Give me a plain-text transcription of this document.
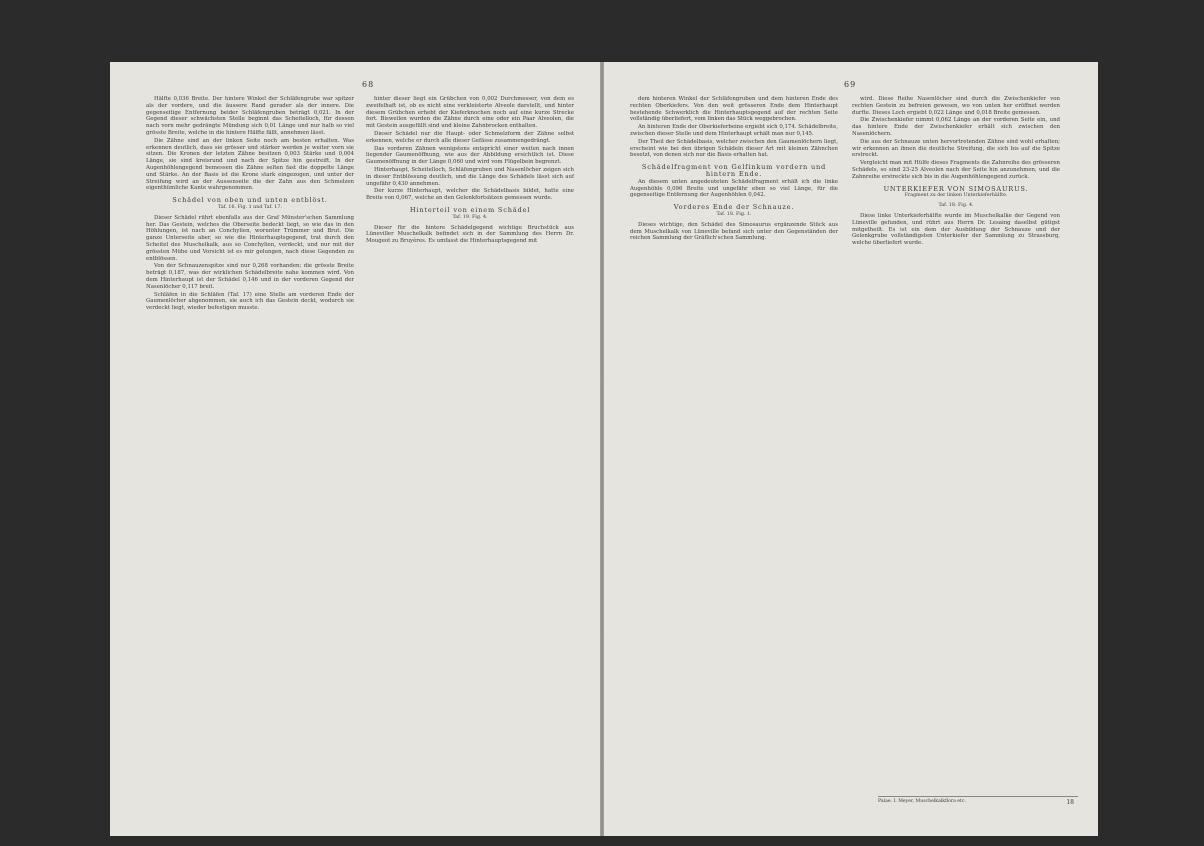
68

Hälfte 0,036 Breite. Der hintere Winkel der Schläfengrube war spitzer als der vordere, und die äussere Rand gerader als der innere. Die gegenseitige Entfernung beider Schläfengruben beträgt 0,021. In der Gegend dieser schwächsten Stelle beginnt das Scheitelloch, für dessen nach vorn mehr gedrängte Mündung sich 0,01 Länge und nur halb so viel grösste Breite, welche in die hintere Hälfte fällt, annehmen lässt.

Die Zähne sind an der linken Seite noch am besten erhalten. Was erkennen deutlich, dass sie grösser und stärker werden je weiter vorn sie sitzen. Die Kronen der letzten Zähne besitzen 0,003 Stärke und 0,004 Länge, sie sind kreisrund und nach der Spitze hin gestreift. In der Augenhöhlengegend bemessen die Zähne selten fast die doppelte Länge und Stärke. An der Basis ist die Krone stark eingezogen, und unter der Streifung wird an der Aussenseite die der Zahn aus den Schmelzen eigenthümliche Kante wahrgenommen.

Schädel von oben und unten entblöst.
Taf. 16. Fig. 1 und Taf. 17.

Dieser Schädel rührt ebenfalls aus der Graf Münster'schen Sammlung her. Das Gestein, welches die Oberseite bedeckt liegt, so wie das in den Höhlungen, ist nach an Conchylien, worunter Trümmer und Brut. Die ganze Unterseite aber, so wie die Hinterhauptsgegend, trat durch den Scheitel des Muschelkalk, aus so Conchylien, verdeckt, und nur mit der grössten Mühe und Vorsicht ist es mir gelungen, nach diese Gegenden zu entblössen.

Von der Schnauzenspitze sind nur 0,268 vorhanden; die grösste Breite beträgt 0,187, was der wirklichen Schädelbreite nahe kommen wird. Von dem Hinterhaupt ist der Schädel 0,146 und in der vorderen Gegend der Nasenlöcher 0,117 breit.

Schläfen in die Schläfen (Taf. 17) eine Stelle am vorderen Ende der Gaumenlöcher abgenommen, sie auch ich das Gestein deckt, wodurch sie verdeckt liegt, wieder befestigen musste.

hinter dieser liegt ein Grübchen von 0,002 Durchmesser, von dem es zweifelhaft ist, ob es nicht eine verkleisterte Alveole darstellt, und hinter diesem Grübchen erhebt der Kieferknochen noch auf eine kurze Strecke fort. Bisweilen wurden die Zähne durch eine oder ein Paar Alveolen, die mit Gestein ausgefüllt sind und kleine Zahnbrocken enthalten.

Dieser Schädel nur die Haupt- oder Schmelzform der Zähne selbst erkennen, welche er durch alle dieser Gefässe zusammengedrängt.

Das vorderen Zähnen wenigstens entspricht einer weiten nach innen liegender Gaumenöffnung, wie aus der Abbildung ersichtlich ist. Diese Gaumenöffnung in der Länge 0,060 und wird vom Flügelbein begrenzt.

Hinterhaupt, Scheitelloch, Schläfengruben und Nasenlöcher zeigen sich in dieser Entblössung deutlich, und die Länge des Schädels lässt sich auf ungefähr 0,430 annehmen.

Der kurze Hinterhaupt, welcher die Schädelbasis bildet, hatte eine Breite von 0,067, welche an den Gelenkfortsätzen gemessen wurde.

Hinterteil von einem Schädel
Taf. 19. Fig. 4.

Dieser für die hintere Schädelgegend wichtige Bruchstück aus Lüneviller Muschelkalk befindet sich in der Sammlung des Herrn Dr. Mougeot zu Bruyères. Es umfasst die Hinterhauptsgegend mit

69

dem hinteren Winkel der Schläfengruben und dem hinteren Ende des rechten Oberkiefers. Von den weit grösseren Ende dem Hinterhaupt bestehende Schwerklich die Hinterhauptsgegend auf der rechten Seite vollständig überliefert, vom linken das Stück weggebrochen.

An hinteren Ende der Oberkieferbeine ergiebt sich 0,174. Schädelbreite, zwischen dieser Stelle und dem Hinterhaupt erhält man nur 0,145.

Der Theil der Schädelbasis, welcher zwischen den Gaumenlöchern liegt, erscheint wie bei den übrigen Schädeln dieser Art mit kleinen Zähnchen besetzt, von denen sich nur die Basis erhalten hat.

Schädelfragment von Gelfinkum vordern und hintern Ende.

An diesem unten angedeuteten Schädelfragment erhält ich die linke Augenhöhle 0,096 Breite und ungefähr eben so viel Länge, für die gegenseitige Entfernung der Augenhöhlen 0,042.

Vorderes Ende der Schnauze.
Taf. 18. Fig. 1.

Dieses wichtige, den Schädel des Simosaurus ergänzende Stück aus dem Muschelkalk von Lüneville befand sich unter den Gegenständen der reichen Sammlung der Gräflich'schen Sammlung.

wird. Diese Reihe Nasenlöcher sind durch die Zwischenkiefer von rechten Gestein zu befreien gewesen, wo von unten her eröffnet werden durfte. Dieses Loch ergiebt 0,022 Länge und 0,018 Breite gemessen.

Die Zwischenkiefer nimmt 0,062 Länge an der vorderen Seite ein, und das hintere Ende der Zwischenkiefer erhält sich zwischen den Nasenlöchern.

Die aus der Schnauze unten hervortretenden Zähne sind wohl erhalten; wir erkennen an ihnen die deutliche Streifung, die sich bis auf die Spitze erstreckt.

Vergleicht man mit Hülfe dieses Fragments die Zahnreihe des grösseren Schädels, so sind 23-25 Alveolen nach der Seite hin anzunehmen, und die Zahnreihe erstreckte sich bis in die Augenhöhlengegend zurück.

UNTERKIEFER VON SIMOSAURUS.
Fragment zu der linken Unterkieferhälfte.
Taf. 18. Fig. 4.

Diese linke Unterkieferhälfte wurde im Muschelkalke der Gegend von Lüneville gefunden, und rührt aus Herrn Dr. Lesaing daselbst gütigst mitgetheilt. Es ist ein dem der Ausbildung der Schnauze und der Gelenkgrube vollständigsten Unterkiefer der Sammlung zu Strassburg, welche überliefert wurde.

Palae. I. Meyer, Muschelkalkflora etc.	18
